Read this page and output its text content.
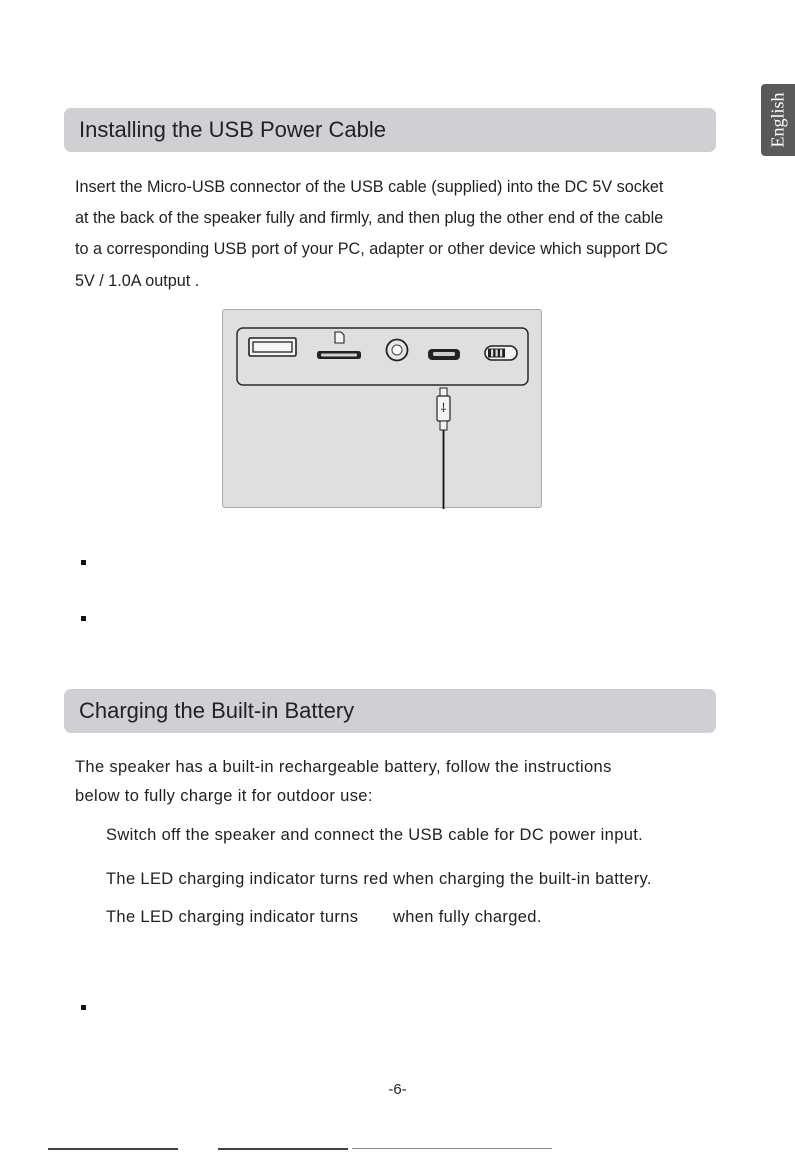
English
Installing the USB Power Cable
Insert the Micro-USB connector of the USB cable (supplied) into the DC 5V socket
at the back of the speaker fully and firmly, and then plug the other end of the cable
to a corresponding USB port of your PC, adapter or other device which support DC
5V / 1.0A output .
⸸
Charging the Built-in Battery
The speaker has a built-in rechargeable battery, follow the instructions
below to fully charge it for outdoor use:
Switch off the speaker and connect the USB cable for DC power input.
The LED charging indicator turns red when charging the built-in battery.
The LED charging indicator turns       when fully charged.
-6-
